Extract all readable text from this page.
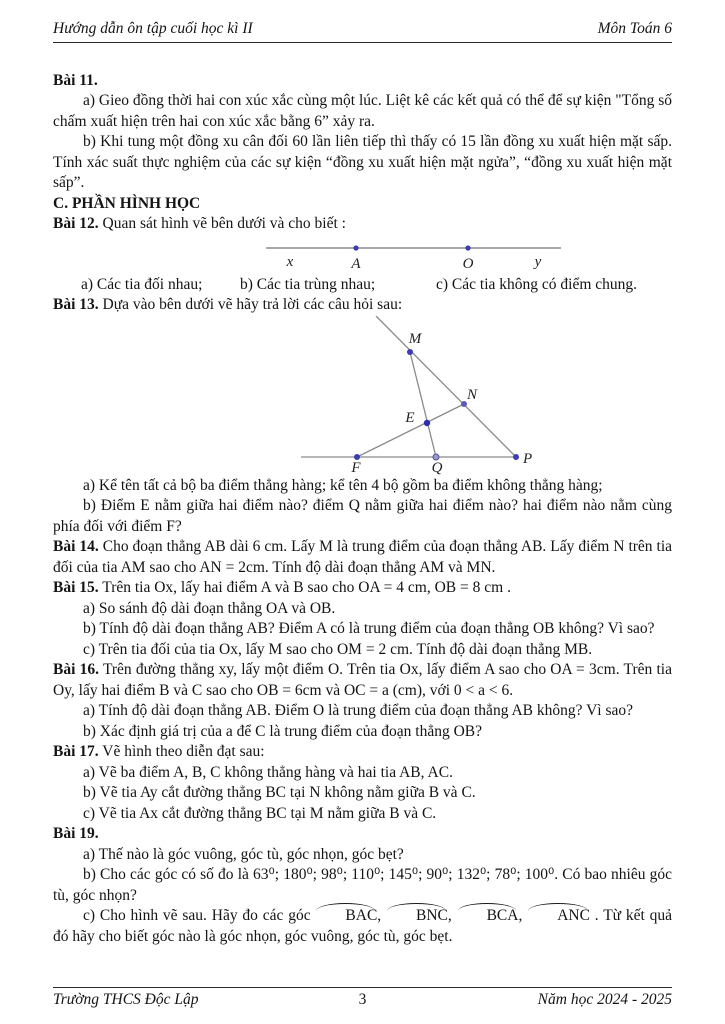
Hướng dẫn ôn tập cuối học kì II	Môn Toán 6

Bài 11.

a) Gieo đồng thời hai con xúc xắc cùng một lúc. Liệt kê các kết quả có thể để sự kiện "Tổng số chấm xuất hiện trên hai con xúc xắc bằng 6” xảy ra.

b) Khi tung một đồng xu cân đối 60 lần liên tiếp thì thấy có 15 lần đồng xu xuất hiện mặt sấp. Tính xác suất thực nghiệm của các sự kiện “đồng xu xuất hiện mặt ngửa”, “đồng xu xuất hiện mặt sấp”.

C. PHẦN HÌNH HỌC

Bài 12. Quan sát hình vẽ bên dưới và cho biết :

x	A	O	y
a) Các tia đối nhau; b) Các tia trùng nhau;	c) Các tia không có điểm chung.

Bài 13. Dựa vào bên dưới vẽ hãy trả lời các câu hỏi sau:

M
N
E
F	Q
P

a) Kể tên tất cả bộ ba điểm thẳng hàng; kể tên 4 bộ gồm ba điểm không thẳng hàng;

b) Điểm E nằm giữa hai điểm nào? điểm Q nằm giữa hai điểm nào? hai điểm nào nằm cùng phía đối với điểm F?

Bài 14. Cho đoạn thẳng AB dài 6 cm. Lấy M là trung điểm của đoạn thẳng AB. Lấy điểm N trên tia đối của tia AM sao cho AN = 2cm. Tính độ dài đoạn thẳng AM và MN.

Bài 15. Trên tia Ox, lấy hai điểm A và B sao cho OA = 4 cm, OB = 8 cm .

a) So sánh độ dài đoạn thẳng OA và OB.

b) Tính độ dài đoạn thẳng AB? Điểm A có là trung điểm của đoạn thẳng OB không? Vì sao?

c) Trên tia đối của tia Ox, lấy M sao cho OM = 2 cm. Tính độ dài đoạn thẳng MB.

Bài 16. Trên đường thẳng xy, lấy một điểm O. Trên tia Ox, lấy điểm A sao cho OA = 3cm. Trên tia Oy, lấy hai điểm B và C sao cho OB = 6cm và OC = a (cm), với 0 < a < 6.

a) Tính độ dài đoạn thẳng AB. Điểm O là trung điểm của đoạn thẳng AB không? Vì sao?

b) Xác định giá trị của a để C là trung điểm của đoạn thẳng OB?

Bài 17. Vẽ hình theo diễn đạt sau:

a) Vẽ ba điểm A, B, C không thẳng hàng và hai tia AB, AC.

b) Vẽ tia Ay cắt đường thẳng BC tại N không nằm giữa B và C.

c) Vẽ tia Ax cắt đường thẳng BC tại M nằm giữa B và C.

Bài 19.

a) Thế nào là góc vuông, góc tù, góc nhọn, góc bẹt?

b) Cho các góc có số đo là 63⁰; 180⁰; 98⁰; 110⁰; 145⁰; 90⁰; 132⁰; 78⁰; 100⁰. Có bao nhiêu góc tù, góc nhọn?

c) Cho hình vẽ sau. Hãy đo các góc BAC, BNC, BCA, ANC . Từ kết quả đó hãy cho biết góc nào là góc nhọn, góc vuông, góc tù, góc bẹt.

Trường THCS Độc Lập	3	Năm học 2024 - 2025
